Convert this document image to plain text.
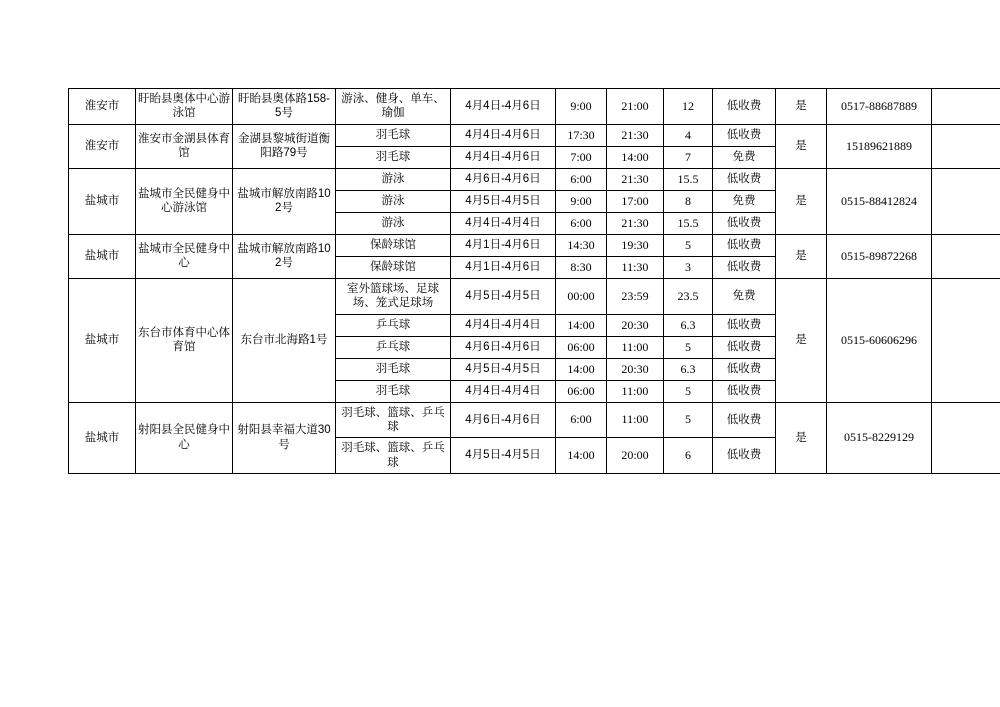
淮安市	盱眙县奥体中心游泳馆	盱眙县奥体路158-5号	游泳、健身、单车、瑜伽	4月4日-4月6日	9:00	21:00	12	低收费	是	0517-88687889	
淮安市	淮安市金湖县体育馆	金湖县黎城街道衡阳路79号	羽毛球	4月4日-4月6日	17:30	21:30	4	低收费	是	15189621889	
			羽毛球	4月4日-4月6日	7:00	14:00	7	免费			
盐城市	盐城市全民健身中心游泳馆	盐城市解放南路102号	游泳	4月6日-4月6日	6:00	21:30	15.5	低收费	是	0515-88412824	
			游泳	4月5日-4月5日	9:00	17:00	8	免费			
			游泳	4月4日-4月4日	6:00	21:30	15.5	低收费			
盐城市	盐城市全民健身中心	盐城市解放南路102号	保龄球馆	4月1日-4月6日	14:30	19:30	5	低收费	是	0515-89872268	
			保龄球馆	4月1日-4月6日	8:30	11:30	3	低收费			
盐城市	东台市体育中心体育馆	东台市北海路1号	室外篮球场、足球场、笼式足球场	4月5日-4月5日	00:00	23:59	23.5	免费	是	0515-60606296	
			乒乓球	4月4日-4月4日	14:00	20:30	6.3	低收费			
			乒乓球	4月6日-4月6日	06:00	11:00	5	低收费			
			羽毛球	4月5日-4月5日	14:00	20:30	6.3	低收费			
			羽毛球	4月4日-4月4日	06:00	11:00	5	低收费			
盐城市	射阳县全民健身中心	射阳县幸福大道30号	羽毛球、篮球、乒乓球	4月6日-4月6日	6:00	11:00	5	低收费	是	0515-8229129	
			羽毛球、篮球、乒乓球	4月5日-4月5日	14:00	20:00	6	低收费			
